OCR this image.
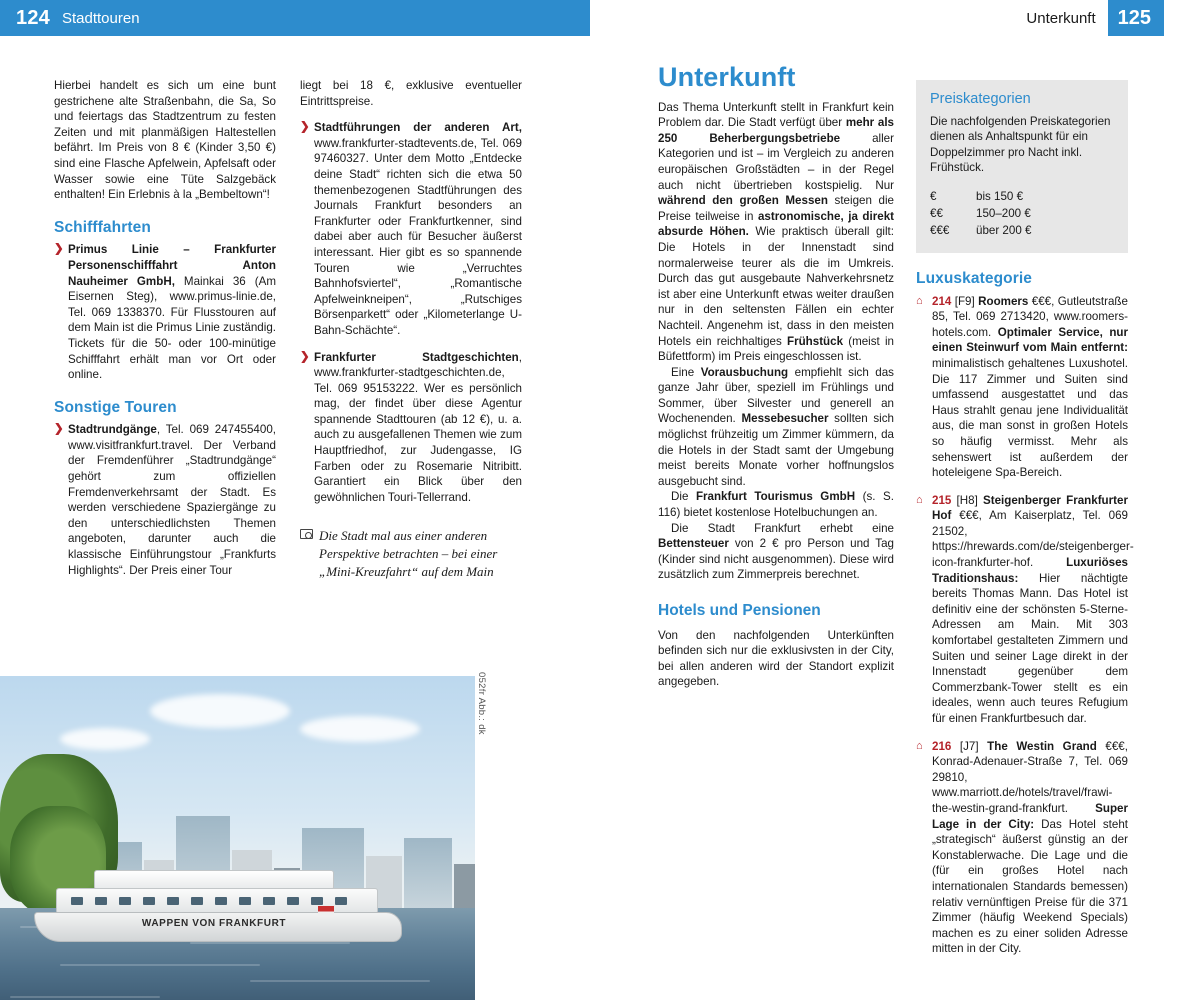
124 Stadttouren	Unterkunft	125

Hierbei handelt es sich um eine bunt gestrichene alte Straßenbahn, die Sa, So und feiertags das Stadtzentrum zu festen Zeiten und mit planmäßigen Haltestellen befährt. Im Preis von 8 € (Kinder 3,50 €) sind eine Flasche Apfelwein, Apfelsaft oder Wasser sowie eine Tüte Salzgebäck enthalten! Ein Erlebnis à la „Bembeltown“!

Schifffahrten
❯ Primus Linie – Frankfurter Personenschifffahrt Anton Nauheimer GmbH, Mainkai 36 (Am Eisernen Steg), www.primus-linie.de, Tel. 069 1338370. Für Flusstouren auf dem Main ist die Primus Linie zuständig. Tickets für die 50- oder 100-minütige Schifffahrt erhält man vor Ort oder online.
Sonstige Touren
❯ Stadtrundgänge, Tel. 069 247455400, www.visitfrankfurt.travel. Der Verband der Fremdenführer „Stadtrundgänge“ gehört zum offiziellen Fremdenverkehrsamt der Stadt. Es werden verschiedene Spaziergänge zu den unterschiedlichsten Themen angeboten, darunter auch die klassische Einführungstour „Frankfurts Highlights“. Der Preis einer Tour

liegt bei 18 €, exklusive eventueller Eintrittspreise.

❯ Stadtführungen der anderen Art, www.frankfurter-stadtevents.de, Tel. 069 97460327. Unter dem Motto „Entdecke deine Stadt“ richten sich die etwa 50 themenbezogenen Stadtführungen des Journals Frankfurt besonders an Frankfurter oder Frankfurtkenner, sind dabei aber auch für Besucher äußerst interessant. Hier gibt es so spannende Touren wie „Verruchtes Bahnhofsviertel“, „Romantische Apfelweinkneipen“, „Rutschiges Börsenparkett“ oder „Kilometerlange U-Bahn-Schächte“.
❯ Frankfurter Stadtgeschichten, www.frankfurter-stadtgeschichten.de, Tel. 069 95153222. Wer es persönlich mag, der findet über diese Agentur spannende Stadttouren (ab 12 €), u. a. auch zu ausgefallenen Themen wie zum Hauptfriedhof, zur Judengasse, IG Farben oder zu Rosemarie Nitribitt. Garantiert ein Blick über den gewöhnlichen Touri-Tellerrand.
Die Stadt mal aus einer anderen Perspektive betrachten – bei einer „Mini-Kreuzfahrt“ auf dem Main
Unterkunft

Das Thema Unterkunft stellt in Frankfurt kein Problem dar. Die Stadt verfügt über mehr als 250 Beherbergungsbetriebe aller Kategorien und ist – im Vergleich zu anderen europäischen Großstädten – in der Regel auch nicht übertrieben kostspielig. Nur während den großen Messen steigen die Preise teilweise in astronomische, ja direkt absurde Höhen. Wie praktisch überall gilt: Die Hotels in der Innenstadt sind normalerweise teurer als die im Umkreis. Durch das gut ausgebaute Nahverkehrsnetz ist aber eine Unterkunft etwas weiter draußen nur in den seltensten Fällen ein echter Nachteil. Angenehm ist, dass in den meisten Hotels ein reichhaltiges Frühstück (meist in Büfettform) im Preis eingeschlossen ist.

Eine Vorausbuchung empfiehlt sich das ganze Jahr über, speziell im Frühlings und Sommer, über Silvester und generell an Wochenenden. Messebesucher sollten sich möglichst frühzeitig um Zimmer kümmern, da die Hotels in der Stadt samt der Umgebung meist bereits Monate vorher hoffnungslos ausgebucht sind.

Die Frankfurt Tourismus GmbH (s. S. 116) bietet kostenlose Hotelbuchungen an.

Die Stadt Frankfurt erhebt eine Bettensteuer von 2 € pro Person und Tag (Kinder sind nicht ausgenommen). Diese wird zusätzlich zum Zimmerpreis berechnet.

Hotels und Pensionen

Von den nachfolgenden Unterkünften befinden sich nur die exklusivsten in der City, bei allen anderen wird der Standort explizit angegeben.

Preiskategorien

Die nachfolgenden Preiskategorien dienen als Anhaltspunkt für ein Doppelzimmer pro Nacht inkl. Frühstück.

€	bis 150 €
€€	150–200 €
€€€	über 200 €
Luxuskategorie
⌂ 214 [F9] Roomers €€€, Gutleutstraße 85, Tel. 069 2713420, www.roomers-hotels.com. Optimaler Service, nur einen Steinwurf vom Main entfernt: minimalistisch gehaltenes Luxushotel. Die 117 Zimmer und Suiten sind umfassend ausgestattet und das Haus strahlt genau jene Individualität aus, die man sonst in großen Hotels so häufig vermisst. Mehr als sehenswert ist außerdem der hoteleigene Spa-Bereich.
⌂ 215 [H8] Steigenberger Frankfurter Hof €€€, Am Kaiserplatz, Tel. 069 21502, https://hrewards.com/de/steigenberger-icon-frankfurter-hof. Luxuriöses Traditionshaus: Hier nächtigte bereits Thomas Mann. Das Hotel ist definitiv eine der schönsten 5-Sterne-Adressen am Main. Mit 303 komfortabel gestalteten Zimmern und Suiten und seiner Lage direkt in der Innenstadt gegenüber dem Commerzbank-Tower stellt es ein ideales, wenn auch teures Refugium für einen Frankfurtbesuch dar.
⌂ 216 [J7] The Westin Grand €€€, Konrad-Adenauer-Straße 7, Tel. 069 29810, www.marriott.de/hotels/travel/frawi-the-westin-grand-frankfurt. Super Lage in der City: Das Hotel steht „strategisch“ äußerst günstig an der Konstablerwache. Die Lage und die (für ein großes Hotel nach internationalen Standards bemessen) relativ vernünftigen Preise für die 371 Zimmer (häufig Weekend Specials) machen es zu einer soliden Adresse mitten in der City.
WAPPEN VON FRANKFURT
052fr Abb.: dk
